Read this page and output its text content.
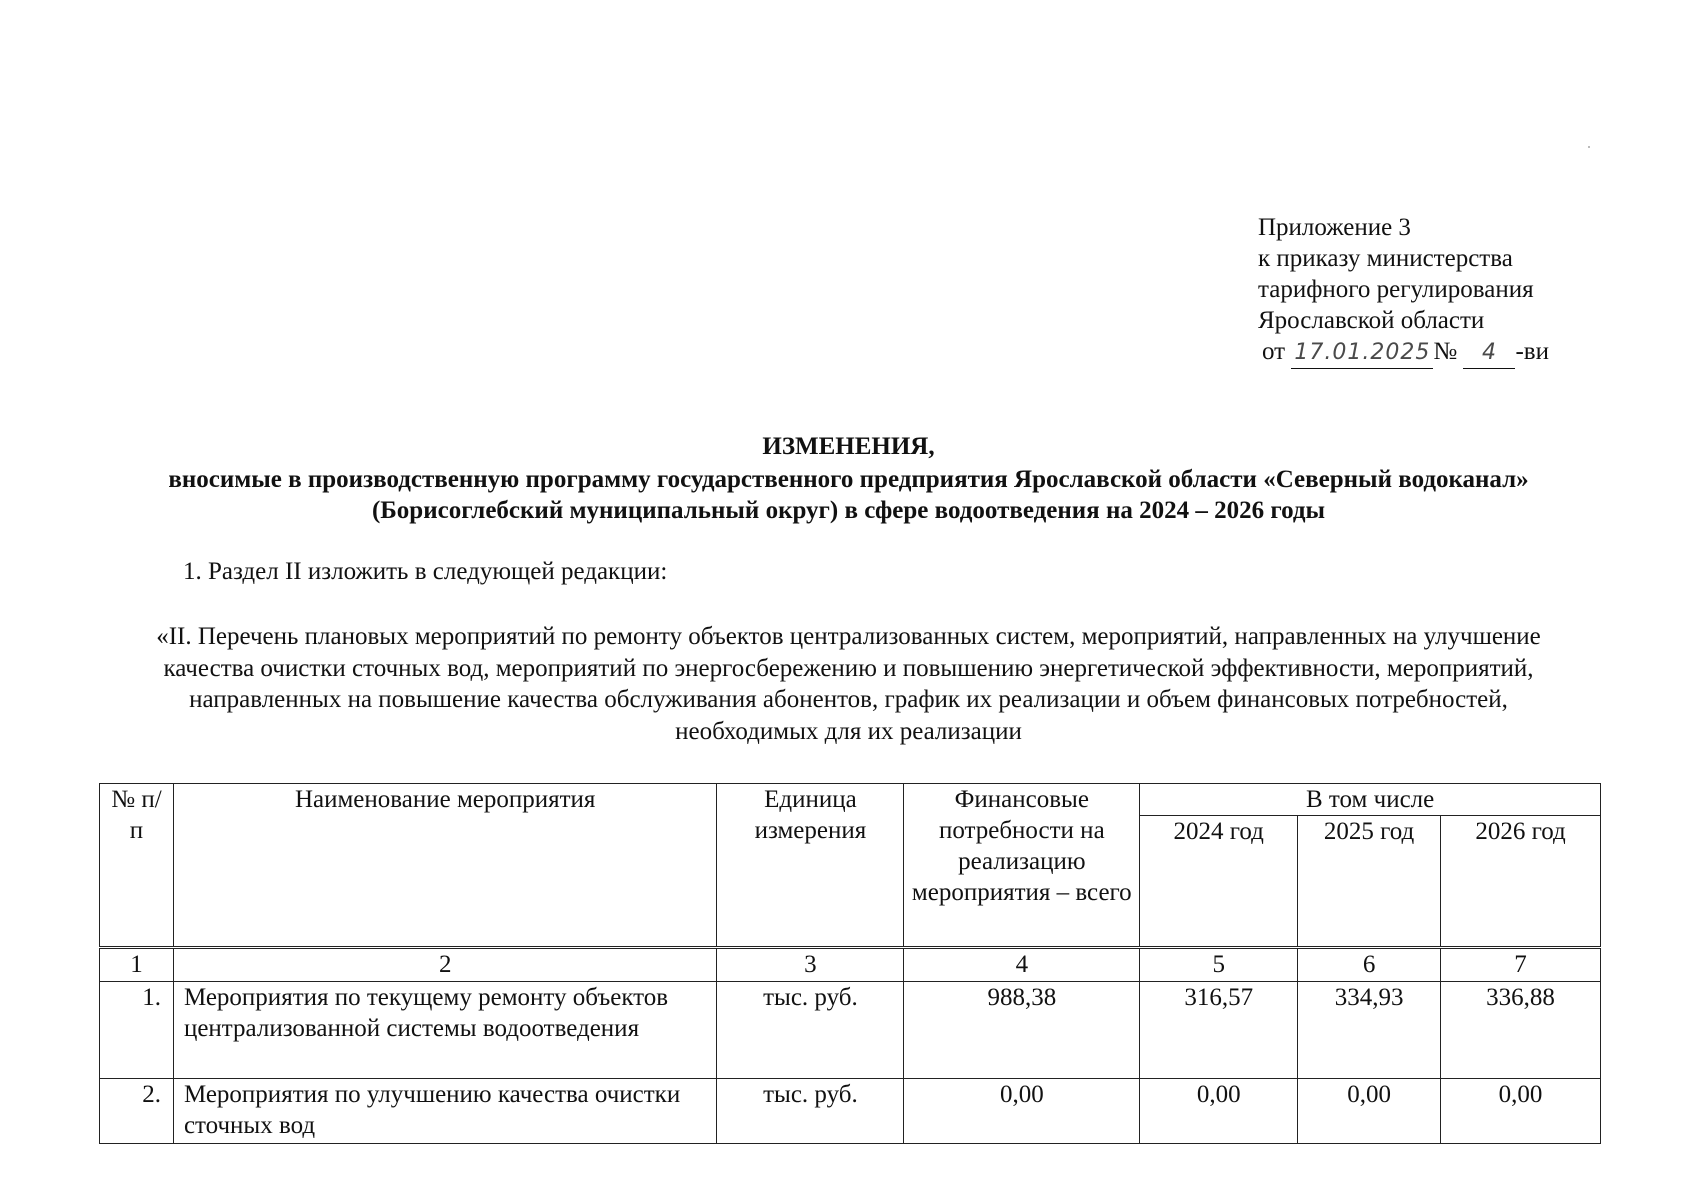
Приложение 3
к приказу министерства
тарифного регулирования
Ярославской области
от 17.01.2025 № 4 -ви
ИЗМЕНЕНИЯ,
вносимые в производственную программу государственного предприятия Ярославской области «Северный водоканал» (Борисоглебский муниципальный округ) в сфере водоотведения на 2024 – 2026 годы
1. Раздел II изложить в следующей редакции:
«II. Перечень плановых мероприятий по ремонту объектов централизованных систем, мероприятий, направленных на улучшение качества очистки сточных вод, мероприятий по энергосбережению и повышению энергетической эффективности, мероприятий, направленных на повышение качества обслуживания абонентов, график их реализации и объем финансовых потребностей, необходимых для их реализации
№ п/п	Наименование мероприятия	Единица измерения	Финансовые потребности на реализацию мероприятия – всего	В том числе		
				2024 год	2025 год	2026 год
1	2	3	4	5	6	7
1.	Мероприятия по текущему ремонту объектов централизованной системы водоотведения	тыс. руб.	988,38	316,57	334,93	336,88
2.	Мероприятия по улучшению качества очистки сточных вод	тыс. руб.	0,00	0,00	0,00	0,00
